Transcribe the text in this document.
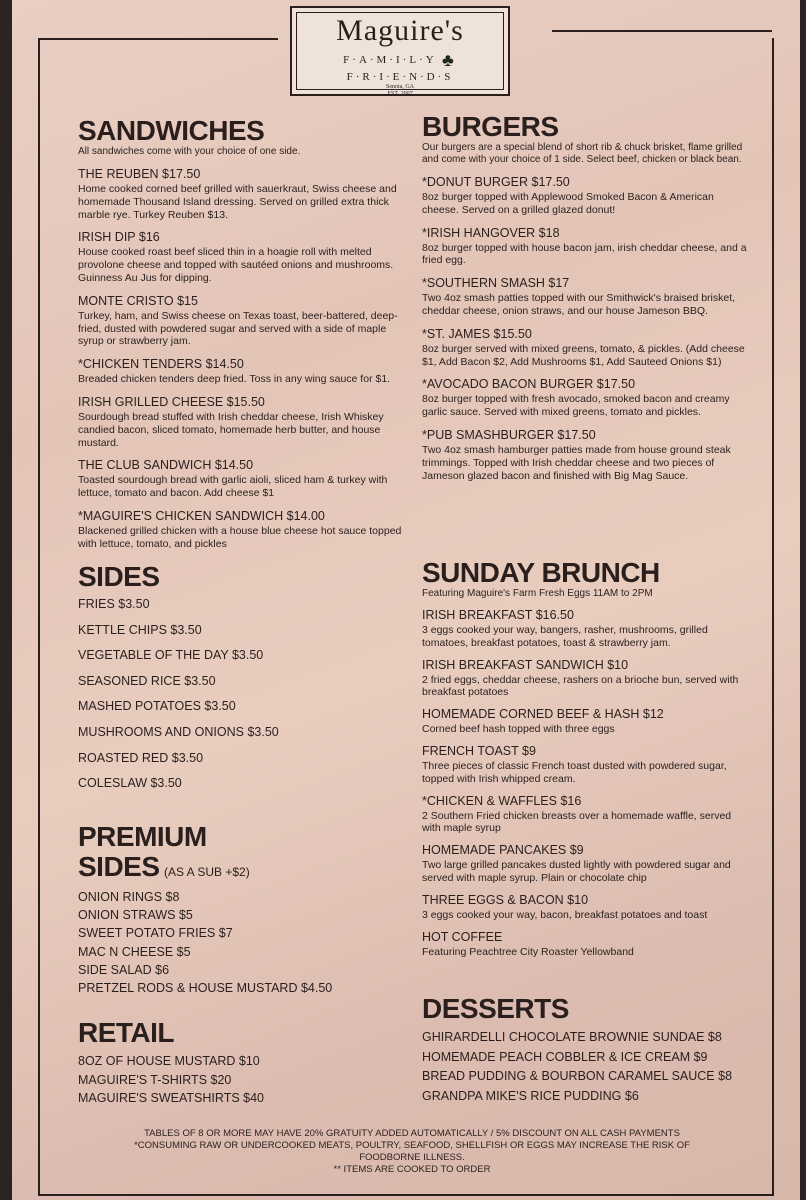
Maguire's
F·A·M·I·L·Y ♣ F·R·I·E·N·D·S
Senoia, GA
EST. 2007
SANDWICHES
All sandwiches come with your choice of one side.
THE REUBEN $17.50
Home cooked corned beef grilled with sauerkraut, Swiss cheese and homemade Thousand Island dressing. Served on grilled extra thick marble rye. Turkey Reuben $13.
IRISH DIP $16
House cooked roast beef sliced thin in a hoagie roll with melted provolone cheese and topped with sautéed onions and mushrooms. Guinness Au Jus for dipping.
MONTE CRISTO $15
Turkey, ham, and Swiss cheese on Texas toast, beer-battered, deep-fried, dusted with powdered sugar and served with a side of maple syrup or strawberry jam.
*CHICKEN TENDERS $14.50
Breaded chicken tenders deep fried. Toss in any wing sauce for $1.
IRISH GRILLED CHEESE $15.50
Sourdough bread stuffed with Irish cheddar cheese, Irish Whiskey candied bacon, sliced tomato, homemade herb butter, and house mustard.
THE CLUB SANDWICH $14.50
Toasted sourdough bread with garlic aioli, sliced ham & turkey with lettuce, tomato and bacon. Add cheese $1
*MAGUIRE'S CHICKEN SANDWICH $14.00
Blackened grilled chicken with a house blue cheese hot sauce topped with lettuce, tomato, and pickles
SIDES
FRIES $3.50
KETTLE CHIPS $3.50
VEGETABLE OF THE DAY $3.50
SEASONED RICE $3.50
MASHED POTATOES $3.50
MUSHROOMS AND ONIONS $3.50
ROASTED RED $3.50
COLESLAW $3.50
PREMIUM
SIDES (AS A SUB +$2)
ONION RINGS $8
ONION STRAWS $5
SWEET POTATO FRIES $7
MAC N CHEESE $5
SIDE SALAD $6
PRETZEL RODS & HOUSE MUSTARD $4.50
RETAIL
8OZ OF HOUSE MUSTARD $10
MAGUIRE'S T-SHIRTS $20
MAGUIRE'S SWEATSHIRTS $40
BURGERS
Our burgers are a special blend of short rib & chuck brisket, flame grilled and come with your choice of 1 side. Select beef, chicken or black bean.
*DONUT BURGER $17.50
8oz burger topped with Applewood Smoked Bacon & American cheese. Served on a grilled glazed donut!
*IRISH HANGOVER $18
8oz burger topped with house bacon jam, irish cheddar cheese, and a fried egg.
*SOUTHERN SMASH $17
Two 4oz smash patties topped with our Smithwick's braised brisket, cheddar cheese, onion straws, and our house Jameson BBQ.
*ST. JAMES $15.50
8oz burger served with mixed greens, tomato, & pickles. (Add cheese $1, Add Bacon $2, Add Mushrooms $1, Add Sauteed Onions $1)
*AVOCADO BACON BURGER $17.50
8oz burger topped with fresh avocado, smoked bacon and creamy garlic sauce. Served with mixed greens, tomato and pickles.
*PUB SMASHBURGER $17.50
Two 4oz smash hamburger patties made from house ground steak trimmings. Topped with Irish cheddar cheese and two pieces of Jameson glazed bacon and finished with Big Mag Sauce.
SUNDAY BRUNCH
Featuring Maguire's Farm Fresh Eggs 11AM to 2PM
IRISH BREAKFAST $16.50
3 eggs cooked your way, bangers, rasher, mushrooms, grilled tomatoes, breakfast potatoes, toast & strawberry jam.
IRISH BREAKFAST SANDWICH $10
2 fried eggs, cheddar cheese, rashers on a brioche bun, served with breakfast potatoes
HOMEMADE CORNED BEEF & HASH $12
Corned beef hash topped with three eggs
FRENCH TOAST $9
Three pieces of classic French toast dusted with powdered sugar, topped with Irish whipped cream.
*CHICKEN & WAFFLES $16
2 Southern Fried chicken breasts over a homemade waffle, served with maple syrup
HOMEMADE PANCAKES $9
Two large grilled pancakes dusted lightly with powdered sugar and served with maple syrup. Plain or chocolate chip
THREE EGGS & BACON $10
3 eggs cooked your way, bacon, breakfast potatoes and toast
HOT COFFEE
Featuring Peachtree City Roaster Yellowband
DESSERTS
GHIRARDELLI CHOCOLATE BROWNIE SUNDAE $8
HOMEMADE PEACH COBBLER & ICE CREAM $9
BREAD PUDDING & BOURBON CARAMEL SAUCE $8
GRANDPA MIKE'S RICE PUDDING $6
TABLES OF 8 OR MORE MAY HAVE 20% GRATUITY ADDED AUTOMATICALLY / 5% DISCOUNT ON ALL CASH PAYMENTS
*CONSUMING RAW OR UNDERCOOKED MEATS, POULTRY, SEAFOOD, SHELLFISH OR EGGS MAY INCREASE THE RISK OF
FOODBORNE ILLNESS.
** ITEMS ARE COOKED TO ORDER
